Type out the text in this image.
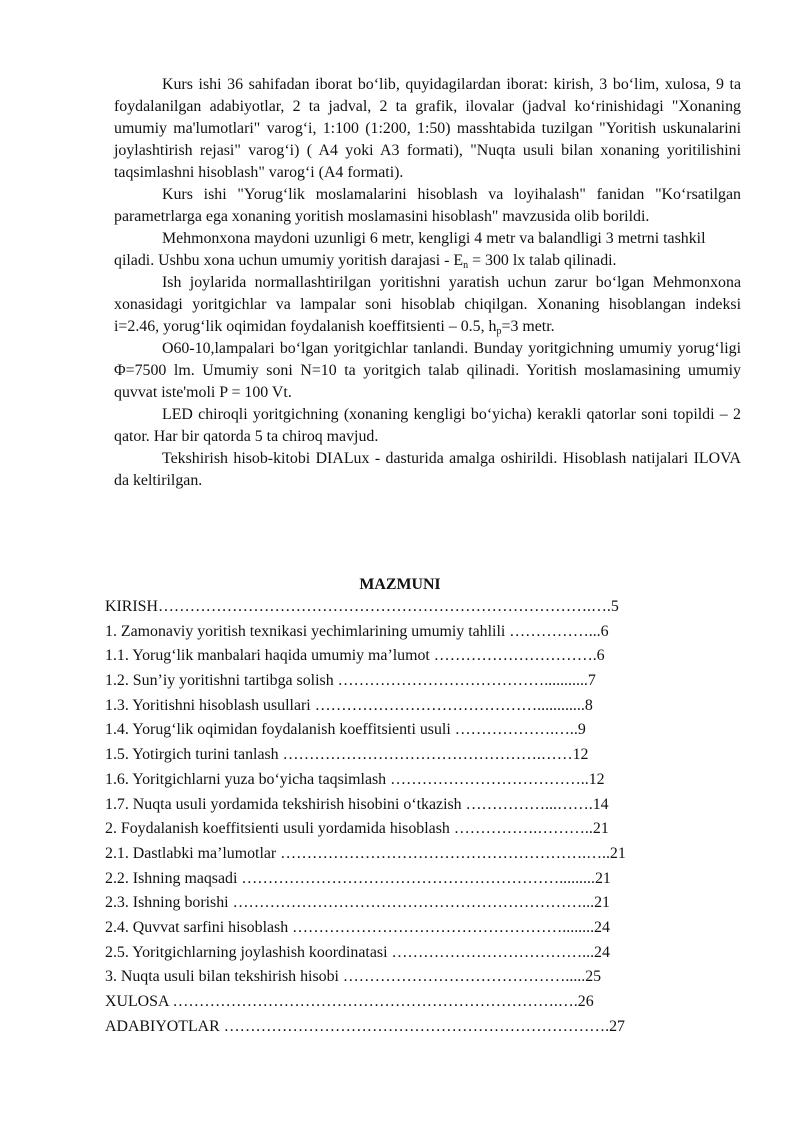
Kurs ishi 36 sahifadan iborat bo‘lib, quyidagilardan iborat: kirish, 3 bo‘lim, xulosa, 9 ta foydalanilgan adabiyotlar, 2 ta jadval, 2 ta grafik, ilovalar (jadval ko‘rinishidagi "Xonaning umumiy ma'lumotlari" varog‘i, 1:100 (1:200, 1:50) masshtabida tuzilgan "Yoritish uskunalarini joylashtirish rejasi" varog‘i) ( A4 yoki A3 formati), "Nuqta usuli bilan xonaning yoritilishini taqsimlashni hisoblash" varog‘i (A4 formati).

Kurs ishi "Yorug‘lik moslamalarini hisoblash va loyihalash" fanidan "Ko‘rsatilgan parametrlarga ega xonaning yoritish moslamasini hisoblash" mavzusida olib borildi.

Mehmonxona maydoni uzunligi 6 metr, kengligi 4 metr va balandligi 3 metrni tashkil qiladi. Ushbu xona uchun umumiy yoritish darajasi - $E_n = 300$ lx talab qilinadi.

Ish joylarida normallashtirilgan yoritishni yaratish uchun zarur bo‘lgan Mehmonxona xonasidagi yoritgichlar va lampalar soni hisoblab chiqilgan. Xonaning hisoblangan indeksi i=2.46, yorug‘lik oqimidan foydalanish koeffitsienti – 0.5, $h_p=3$ metr.

O60-10,lampalari bo‘lgan yoritgichlar tanlandi. Bunday yoritgichning umumiy yorug‘ligi Φ=7500 lm. Umumiy soni N=10 ta yoritgich talab qilinadi. Yoritish moslamasining umumiy quvvat iste'moli P = 100 Vt.

LED chiroqli yoritgichning (xonaning kengligi bo‘yicha) kerakli qatorlar soni topildi – 2 qator. Har bir qatorda 5 ta chiroq mavjud.

Tekshirish hisob-kitobi DIALux - dasturida amalga oshirildi. Hisoblash natijalari ILOVA da keltirilgan.

MAZMUNI
KIRISH……………………………………………………………………….….5
1. Zamonaviy yoritish texnikasi yechimlarining umumiy tahlili ……………...6
1.1. Yorug‘lik manbalari haqida umumiy ma’lumot ………………………….6
1.2. Sun’iy yoritishni tartibga solish …………………………………...........7
1.3. Yoritishni hisoblash usullari ……………………………………............8
1.4. Yorug‘lik oqimidan foydalanish koeffitsienti usuli ……………….…..9
1.5. Yotirgich turini tanlash ………………………………………….……12
1.6. Yoritgichlarni yuza bo‘yicha taqsimlash ………………………………..12
1.7. Nuqta usuli yordamida tekshirish hisobini o‘tkazish ……………...…….14
2. Foydalanish koeffitsienti usuli yordamida hisoblash …………….………..21
2.1. Dastlabki ma’lumotlar ………………………………………………….…..21
2.2. Ishning maqsadi …………………………………………………….........21
2.3. Ishning borishi …………………………………………………………...21
2.4. Quvvat sarfini hisoblash ……………………………………………........24
2.5. Yoritgichlarning joylashish koordinatasi ………………………………...24
3. Nuqta usuli bilan tekshirish hisobi …………………………………….....25
XULOSA ……………………………………………………………….….26
ADABIYOTLAR ……………………………………………………………….27
